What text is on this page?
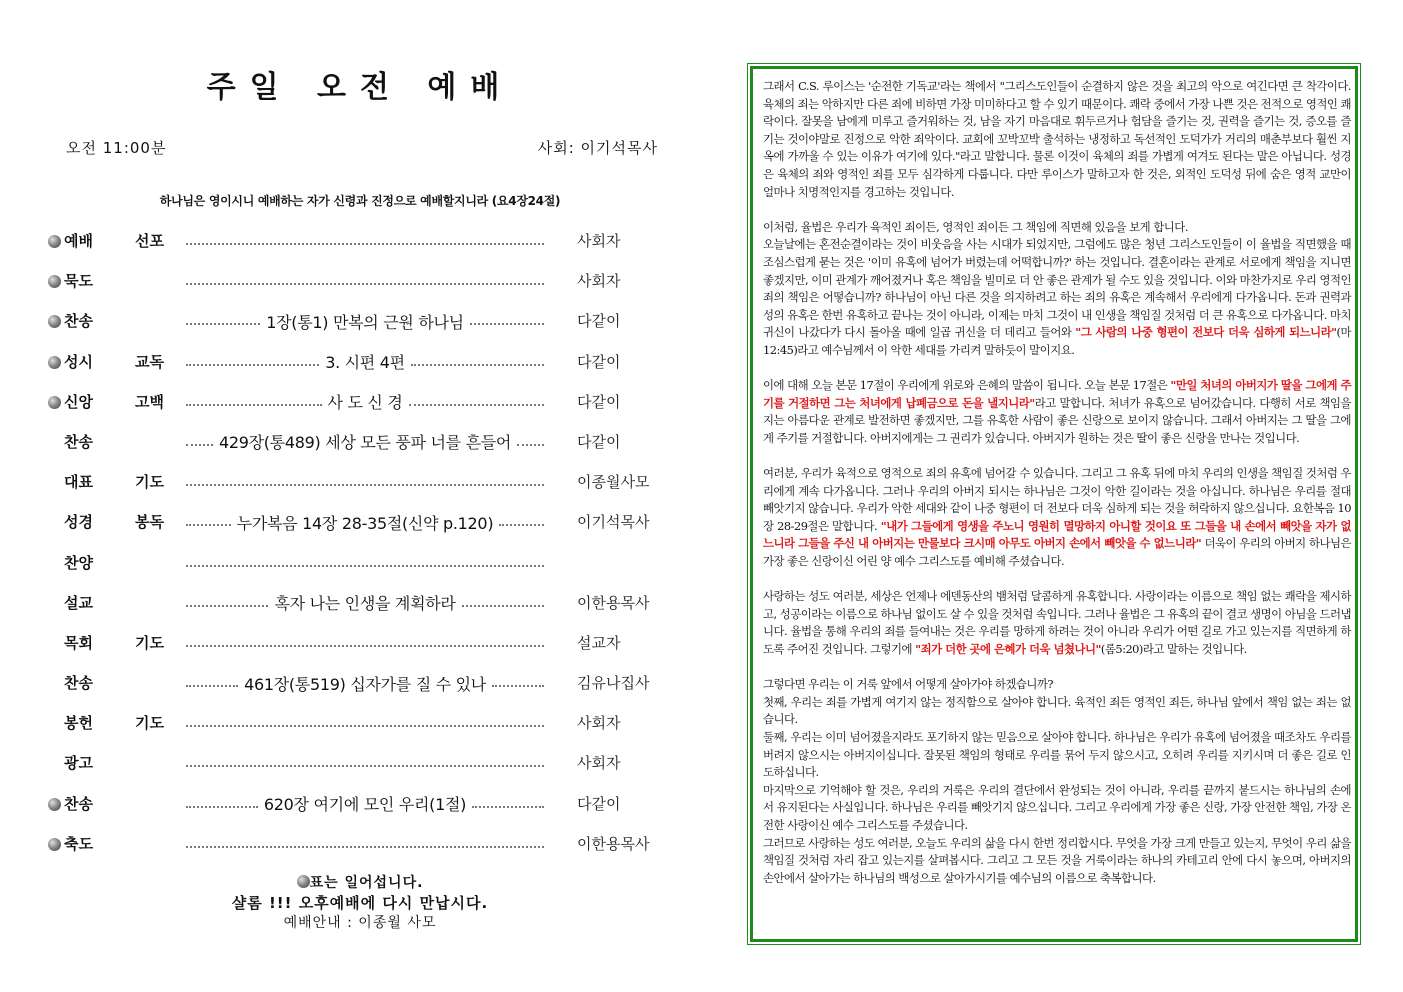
주일 오전 예배
오전 11:00분	사회: 이기석목사
하나님은 영이시니 예배하는 자가 신령과 진정으로 예배할지니라 (요4장24절)
예배 선포	사회자
묵도	사회자
찬송	1장(통1) 만복의 근원 하나님	다같이
성시 교독	3. 시편 4편	다같이
신앙 고백	사 도 신 경	다같이
찬송	429장(통489) 세상 모든 풍파 너를 흔들어	다같이
대표 기도	이종월사모
성경 봉독	누가복음 14장 28-35절(신약 p.120)	이기석목사
찬양
설교	혹자 나는 인생을 계획하라	이한용목사
목회 기도	설교자
찬송	461장(통519) 십자가를 질 수 있나	김유나집사
봉헌 기도	사회자
광고	사회자
찬송	620장 여기에 모인 우리(1절)	다같이
축도	이한용목사
표는 일어섭니다.
샬롬 !!! 오후예배에 다시 만납시다.
예배안내 : 이종월 사모

그래서 C.S. 루이스는 '순전한 기독교'라는 책에서 "그리스도인들이 순결하지 않은 것을 최고의 악으로 여긴다면 큰 착각이다. 육체의 죄는 악하지만 다른 죄에 비하면 가장 미미하다고 할 수 있기 때문이다. 쾌락 중에서 가장 나쁜 것은 전적으로 영적인 쾌락이다. 잘못을 남에게 미루고 즐거워하는 것, 남을 자기 마음대로 휘두르거나 험담을 즐기는 것, 권력을 즐기는 것, 증오를 즐기는 것이야말로 진정으로 악한 죄악이다. 교회에 꼬박꼬박 출석하는 냉정하고 독선적인 도덕가가 거리의 매춘부보다 훨씬 지옥에 가까울 수 있는 이유가 여기에 있다."라고 말합니다. 물론 이것이 육체의 죄를 가볍게 여겨도 된다는 말은 아닙니다. 성경은 육체의 죄와 영적인 죄를 모두 심각하게 다룹니다. 다만 루이스가 말하고자 한 것은, 외적인 도덕성 뒤에 숨은 영적 교만이 얼마나 치명적인지를 경고하는 것입니다.

이처럼, 율법은 우리가 육적인 죄이든, 영적인 죄이든 그 책임에 직면해 있음을 보게 합니다.

오늘날에는 혼전순결이라는 것이 비웃음을 사는 시대가 되었지만, 그럼에도 많은 청년 그리스도인들이 이 율법을 직면했을 때 조심스럽게 묻는 것은 '이미 유혹에 넘어가 버렸는데 어떡합니까?' 하는 것입니다. 결혼이라는 관계로 서로에게 책임을 지니면 좋겠지만, 이미 관계가 깨어졌거나 혹은 책임을 빌미로 더 안 좋은 관계가 될 수도 있을 것입니다. 이와 마찬가지로 우리 영적인 죄의 책임은 어떻습니까? 하나님이 아닌 다른 것을 의지하려고 하는 죄의 유혹은 계속해서 우리에게 다가옵니다. 돈과 권력과 성의 유혹은 한번 유혹하고 끝나는 것이 아니라, 이제는 마치 그것이 내 인생을 책임질 것처럼 더 큰 유혹으로 다가옵니다. 마치 귀신이 나갔다가 다시 돌아올 때에 일곱 귀신을 더 데리고 들어와 "그 사람의 나중 형편이 전보다 더욱 심하게 되느니라"(마12:45)라고 예수님께서 이 악한 세대를 가리켜 말하듯이 말이지요.

이에 대해 오늘 본문 17절이 우리에게 위로와 은혜의 말씀이 됩니다. 오늘 본문 17절은 "만일 처녀의 아버지가 딸을 그에게 주기를 거절하면 그는 처녀에게 납폐금으로 돈을 낼지니라"라고 말합니다. 처녀가 유혹으로 넘어갔습니다. 다행히 서로 책임을 지는 아름다운 관계로 발전하면 좋겠지만, 그를 유혹한 사람이 좋은 신랑으로 보이지 않습니다. 그래서 아버지는 그 딸을 그에게 주기를 거절합니다. 아버지에게는 그 권리가 있습니다. 아버지가 원하는 것은 딸이 좋은 신랑을 만나는 것입니다.

여러분, 우리가 육적으로 영적으로 죄의 유혹에 넘어갈 수 있습니다. 그리고 그 유혹 뒤에 마치 우리의 인생을 책임질 것처럼 우리에게 계속 다가옵니다. 그러나 우리의 아버지 되시는 하나님은 그것이 악한 길이라는 것을 아십니다. 하나님은 우리를 절대 빼앗기지 않습니다. 우리가 악한 세대와 같이 나중 형편이 더 전보다 더욱 심하게 되는 것을 허락하지 않으십니다. 요한복음 10장 28-29절은 말합니다. "내가 그들에게 영생을 주노니 영원히 멸망하지 아니할 것이요 또 그들을 내 손에서 빼앗을 자가 없느니라 그들을 주신 내 아버지는 만물보다 크시매 아무도 아버지 손에서 빼앗을 수 없느니라" 더욱이 우리의 아버지 하나님은 가장 좋은 신랑이신 어린 양 예수 그리스도를 예비해 주셨습니다.

사랑하는 성도 여러분, 세상은 언제나 에덴동산의 뱀처럼 달콤하게 유혹합니다. 사랑이라는 이름으로 책임 없는 쾌락을 제시하고, 성공이라는 이름으로 하나님 없이도 살 수 있을 것처럼 속입니다. 그러나 율법은 그 유혹의 끝이 결코 생명이 아님을 드러냅니다. 율법을 통해 우리의 죄를 들여내는 것은 우리를 망하게 하려는 것이 아니라 우리가 어떤 길로 가고 있는지를 직면하게 하도록 주어진 것입니다. 그렇기에 "죄가 더한 곳에 은혜가 더욱 넘쳤나니"(롬5:20)라고 말하는 것입니다.

그렇다면 우리는 이 거룩 앞에서 어떻게 살아가야 하겠습니까?

첫째, 우리는 죄를 가볍게 여기지 않는 정직함으로 살아야 합니다. 육적인 죄든 영적인 죄든, 하나님 앞에서 책임 없는 죄는 없습니다.

둘째, 우리는 이미 넘어졌을지라도 포기하지 않는 믿음으로 살아야 합니다. 하나님은 우리가 유혹에 넘어졌을 때조차도 우리를 버려지 않으시는 아버지이십니다. 잘못된 책임의 형태로 우리를 묶어 두지 않으시고, 오히려 우리를 지키시며 더 좋은 길로 인도하십니다.

마지막으로 기억해야 할 것은, 우리의 거룩은 우리의 결단에서 완성되는 것이 아니라, 우리를 끝까지 붙드시는 하나님의 손에서 유지된다는 사실입니다. 하나님은 우리를 빼앗기지 않으십니다. 그리고 우리에게 가장 좋은 신랑, 가장 안전한 책임, 가장 온전한 사랑이신 예수 그리스도를 주셨습니다.

그러므로 사랑하는 성도 여러분, 오늘도 우리의 삶을 다시 한번 정리합시다. 무엇을 가장 크게 만들고 있는지, 무엇이 우리 삶을 책임질 것처럼 자리 잡고 있는지를 살펴봅시다. 그리고 그 모든 것을 거룩이라는 하나의 카테고리 안에 다시 놓으며, 아버지의 손안에서 살아가는 하나님의 백성으로 살아가시기를 예수님의 이름으로 축복합니다.
